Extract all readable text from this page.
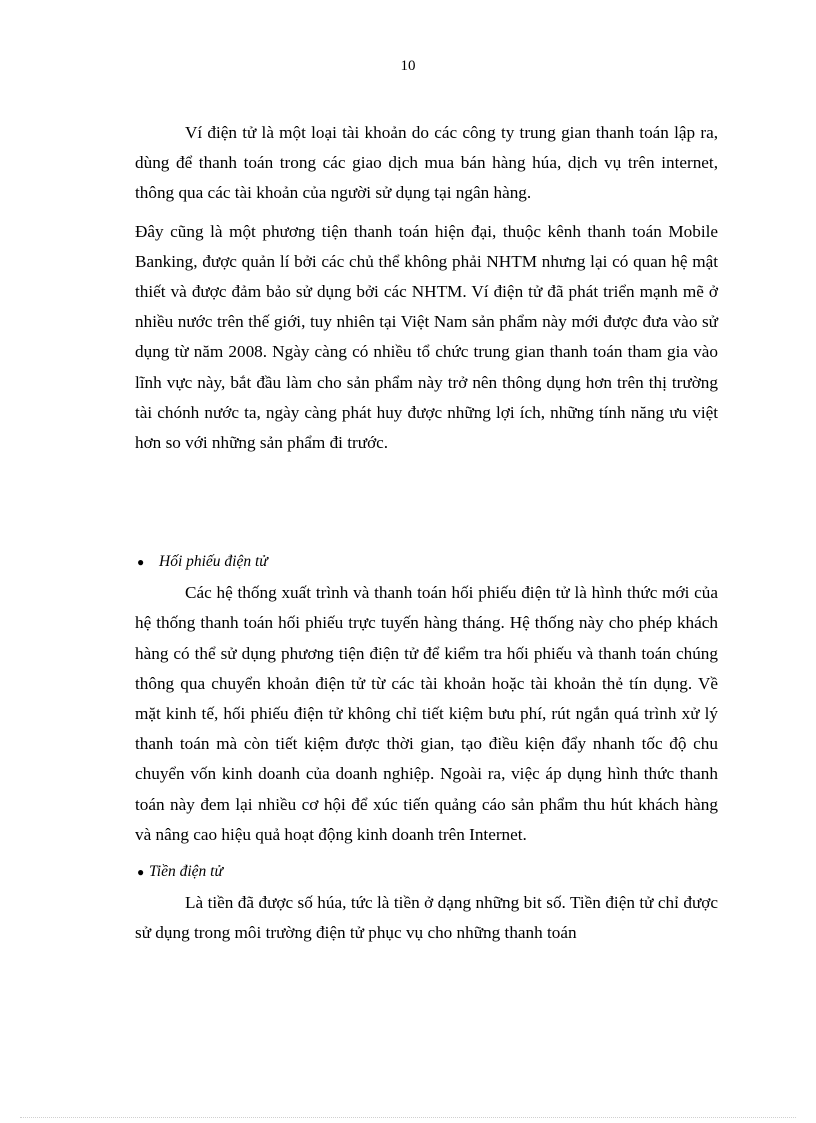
10

Ví điện tử là một loại tài khoản do các công ty trung gian thanh toán lập ra, dùng để thanh toán trong các giao dịch mua bán hàng húa, dịch vụ trên internet, thông qua các tài khoản của người sử dụng tại ngân hàng.

Đây cũng là một phương tiện thanh toán hiện đại, thuộc kênh thanh toán Mobile Banking, được quản lí bởi các chủ thể không phải NHTM nhưng lại có quan hệ mật thiết và được đảm bảo sử dụng bởi các NHTM. Ví điện tử đã phát triển mạnh mẽ ở nhiều nước trên thế giới, tuy nhiên tại Việt Nam sản phẩm này mới được đưa vào sử dụng từ năm 2008. Ngày càng có nhiều tổ chức trung gian thanh toán tham gia vào lĩnh vực này, bắt đầu làm cho sản phẩm này trở nên thông dụng hơn trên thị trường tài chónh nước ta, ngày càng phát huy được những lợi ích, những tính năng ưu việt hơn so với những sản phẩm đi trước.

● Hối phiếu điện tử

Các hệ thống xuất trình và thanh toán hối phiếu điện tử là hình thức mới của hệ thống thanh toán hối phiếu trực tuyến hàng tháng. Hệ thống này cho phép khách hàng có thể sử dụng phương tiện điện tử để kiểm tra hối phiếu và thanh toán chúng thông qua chuyển khoản điện tử từ các tài khoản hoặc tài khoản thẻ tín dụng. Về mặt kinh tế, hối phiếu điện tử không chỉ tiết kiệm bưu phí, rút ngắn quá trình xử lý thanh toán mà còn tiết kiệm được thời gian, tạo điều kiện đẩy nhanh tốc độ chu chuyển vốn kinh doanh của doanh nghiệp. Ngoài ra, việc áp dụng hình thức thanh toán này đem lại nhiều cơ hội để xúc tiến quảng cáo sản phẩm thu hút khách hàng và nâng cao hiệu quả hoạt động kinh doanh trên Internet.

● Tiền điện tử

Là tiền đã được số húa, tức là tiền ở dạng những bit số. Tiền điện tử chỉ được sử dụng trong môi trường điện tử phục vụ cho những thanh toán
